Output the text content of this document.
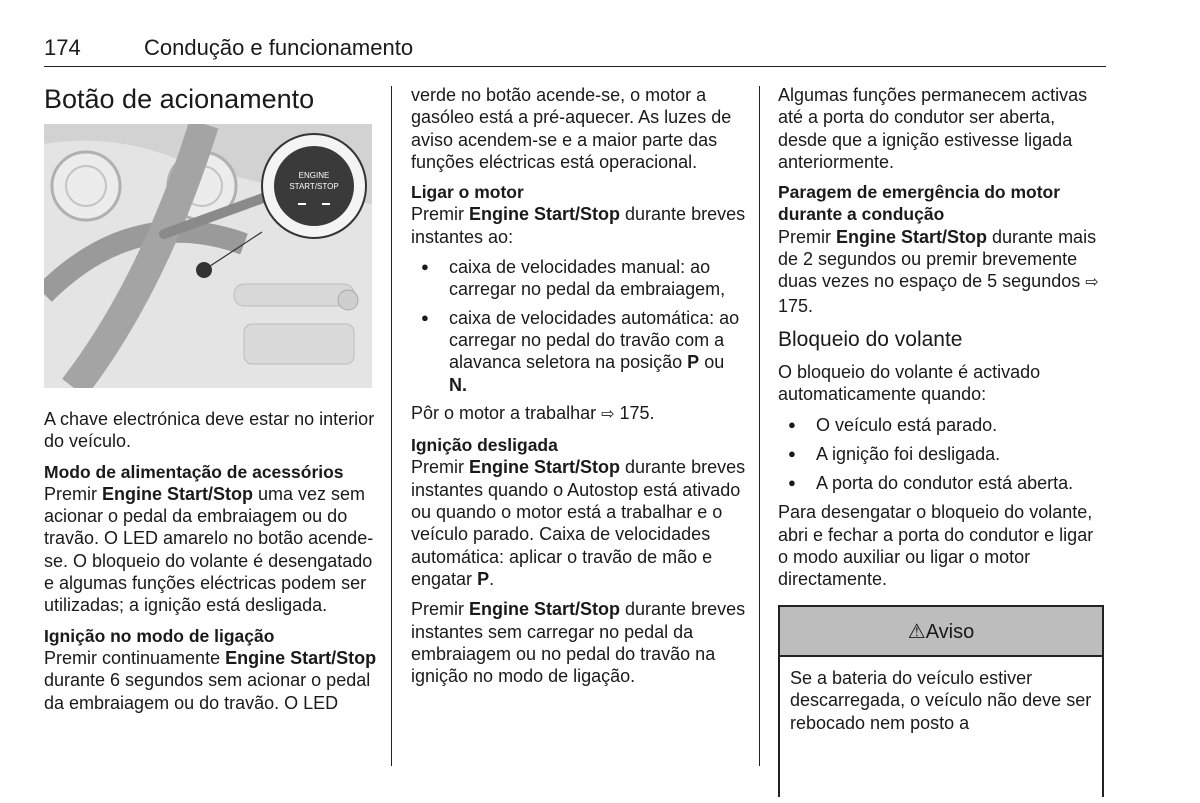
174	Condução e funcionamento
Botão de acionamento
ENGINE
START/STOP

A chave electrónica deve estar no interior do veículo.

Modo de alimentação de acessórios
Premir Engine Start/Stop uma vez sem acionar o pedal da embraiagem ou do travão. O LED amarelo no botão acende-se. O bloqueio do volante é desengatado e algumas funções eléctricas podem ser utilizadas; a ignição está desligada.

Ignição no modo de ligação
Premir continuamente Engine Start/Stop durante 6 segundos sem acionar o pedal da embraiagem ou do travão. O LED

verde no botão acende-se, o motor a gasóleo está a pré-aquecer. As luzes de aviso acendem-se e a maior parte das funções eléctricas está operacional.

Ligar o motor
Premir Engine Start/Stop durante breves instantes ao:

● caixa de velocidades manual: ao carregar no pedal da embraiagem,
● caixa de velocidades automática: ao carregar no pedal do travão com a alavanca seletora na posição P ou N.

Pôr o motor a trabalhar ⇨ 175.

Ignição desligada
Premir Engine Start/Stop durante breves instantes quando o Autostop está ativado ou quando o motor está a trabalhar e o veículo parado. Caixa de velocidades automática: aplicar o travão de mão e engatar P.

Premir Engine Start/Stop durante breves instantes sem carregar no pedal da embraiagem ou no pedal do travão na ignição no modo de ligação.

Algumas funções permanecem activas até a porta do condutor ser aberta, desde que a ignição estivesse ligada anteriormente.

Paragem de emergência do motor durante a condução
Premir Engine Start/Stop durante mais de 2 segundos ou premir brevemente duas vezes no espaço de 5 segundos ⇨ 175.

Bloqueio do volante

O bloqueio do volante é activado automaticamente quando:

● O veículo está parado.
● A ignição foi desligada.
● A porta do condutor está aberta.

Para desengatar o bloqueio do volante, abri e fechar a porta do condutor e ligar o modo auxiliar ou ligar o motor directamente.

⚠Aviso

Se a bateria do veículo estiver descarregada, o veículo não deve ser rebocado nem posto a
